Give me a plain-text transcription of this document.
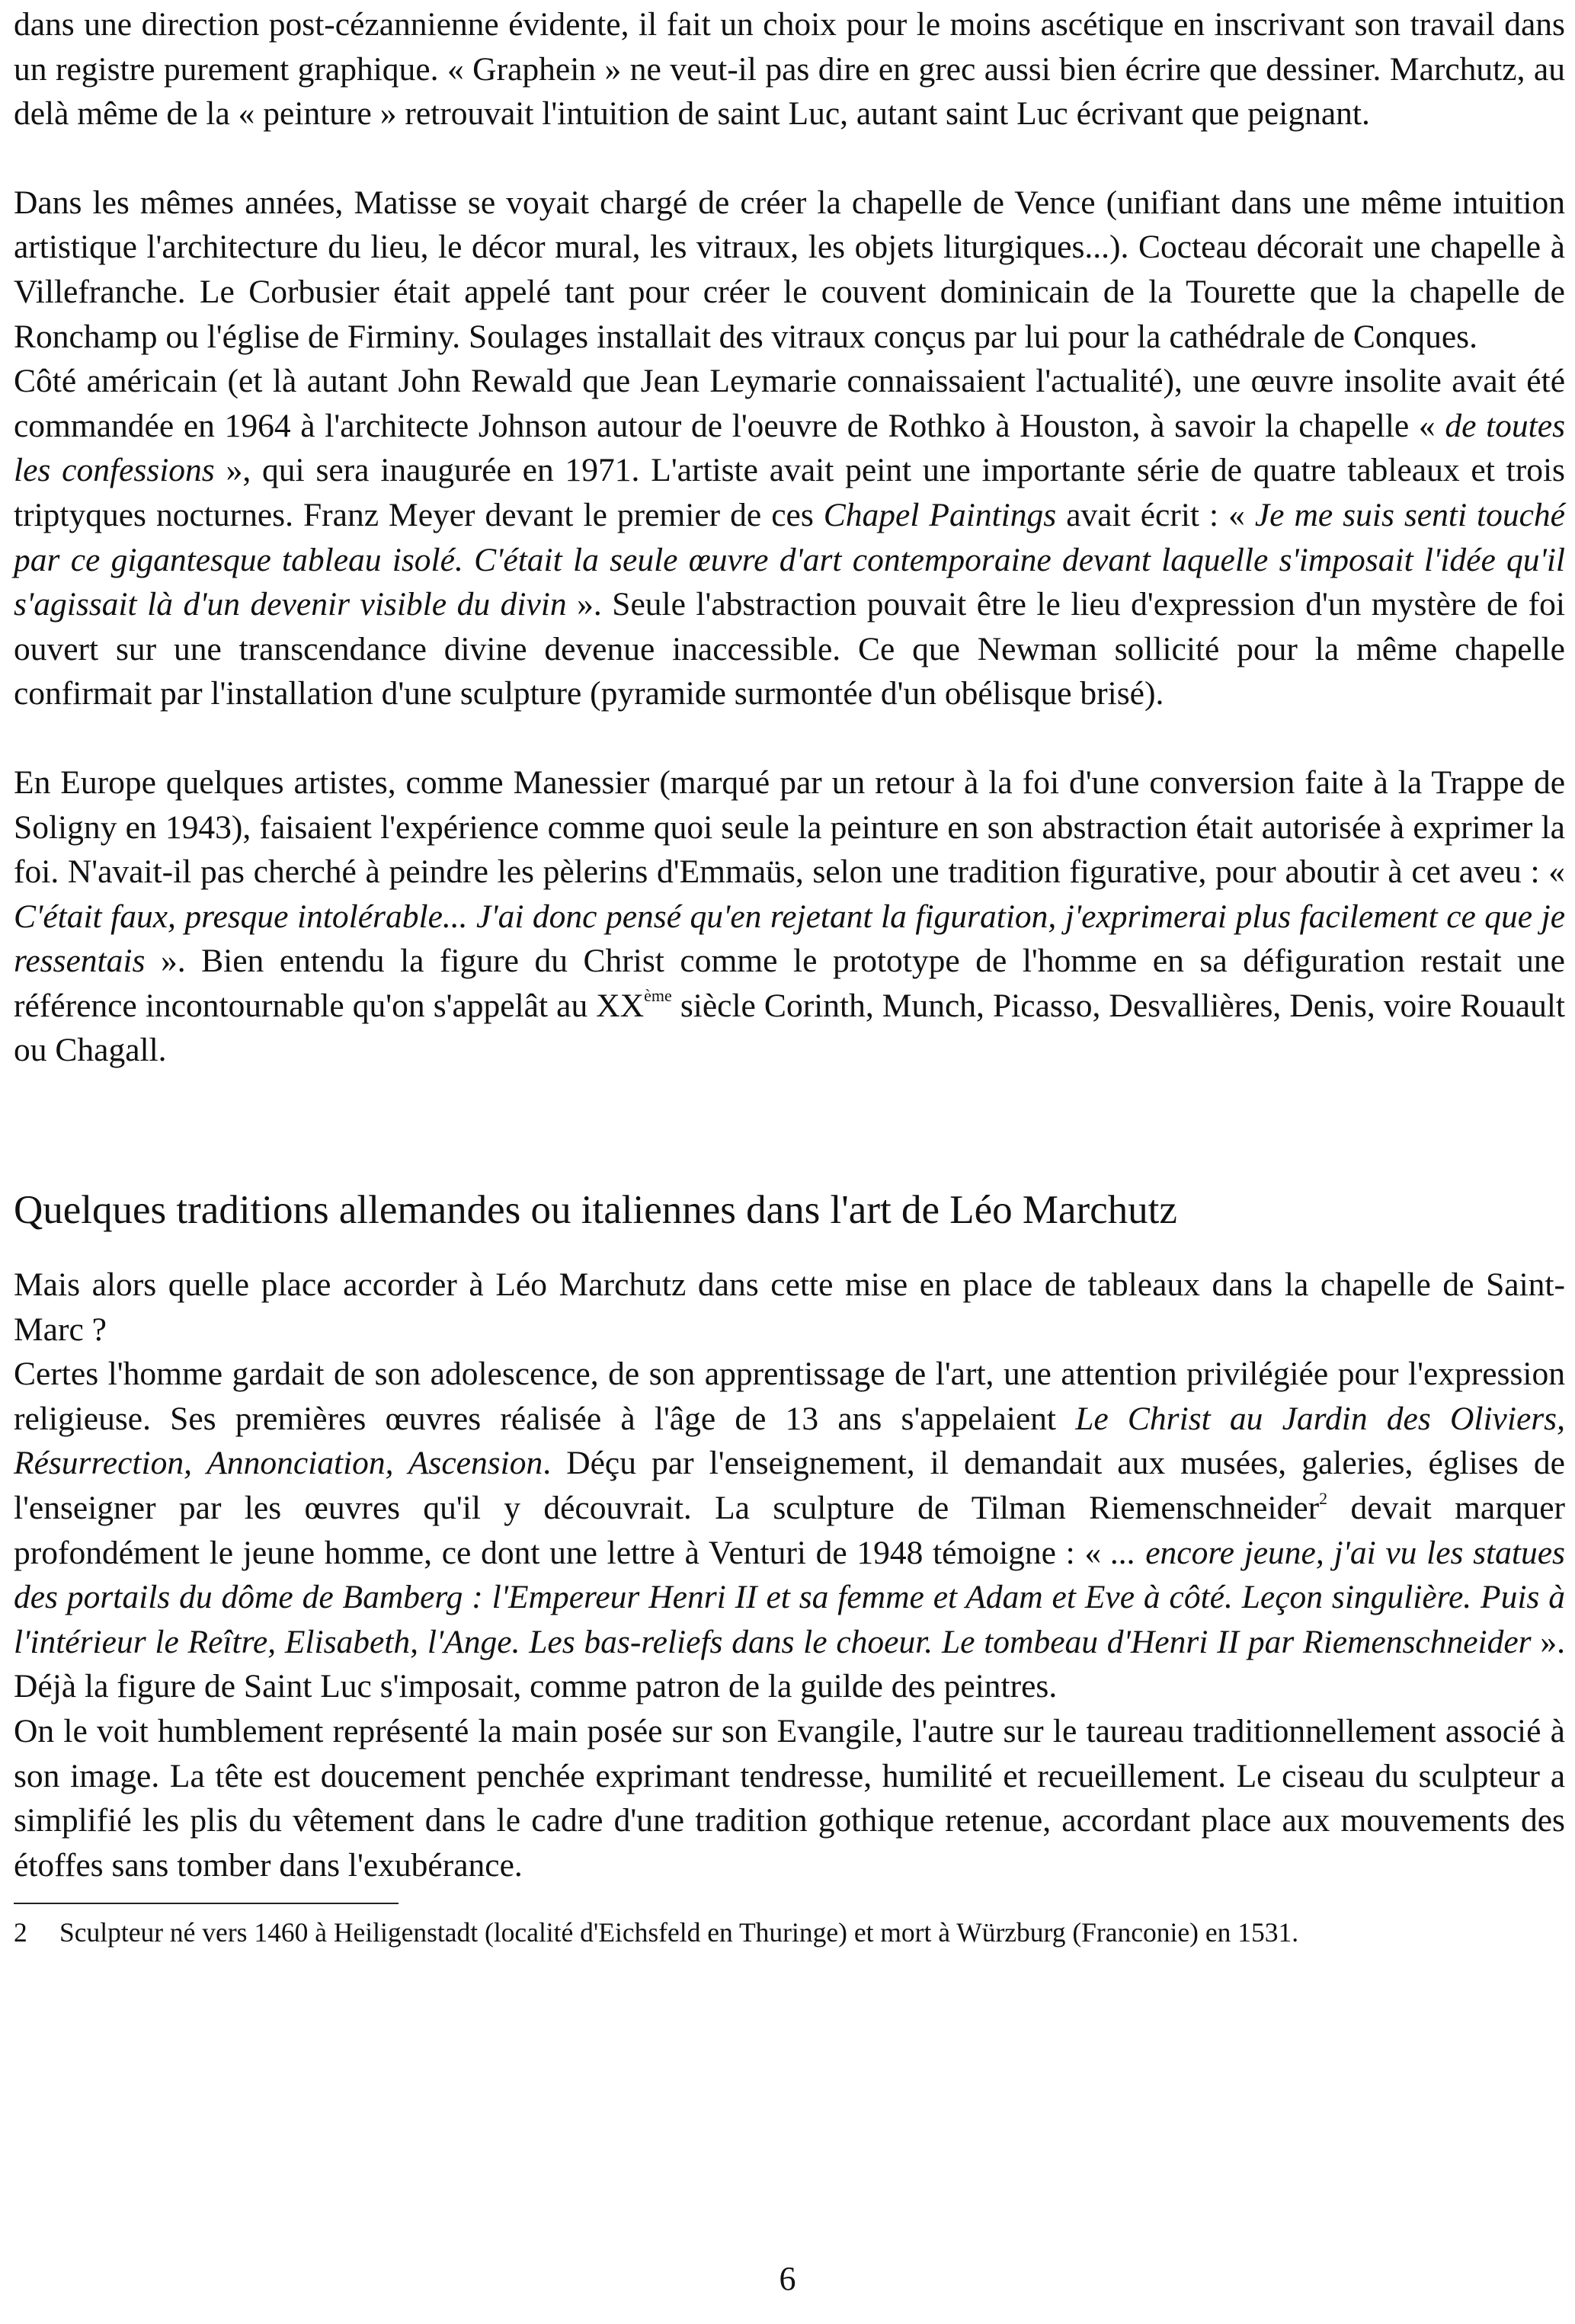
dans une direction post-cézannienne évidente, il fait un choix pour le moins ascétique en inscrivant son travail dans un registre purement graphique. « Graphein » ne veut-il pas dire en grec aussi bien écrire que dessiner. Marchutz, au delà même de la « peinture » retrouvait l'intuition de saint Luc, autant saint Luc écrivant que peignant.

Dans les mêmes années, Matisse se voyait chargé de créer la chapelle de Vence (unifiant dans une même intuition artistique l'architecture du lieu, le décor mural, les vitraux, les objets liturgiques...). Cocteau décorait une chapelle à Villefranche. Le Corbusier était appelé tant pour créer le couvent dominicain de la Tourette que la chapelle de Ronchamp ou l'église de Firminy. Soulages installait des vitraux conçus par lui pour la cathédrale de Conques.

Côté américain (et là autant John Rewald que Jean Leymarie connaissaient l'actualité), une œuvre insolite avait été commandée en 1964 à l'architecte Johnson autour de l'oeuvre de Rothko à Houston, à savoir la chapelle « de toutes les confessions », qui sera inaugurée en 1971. L'artiste avait peint une importante série de quatre tableaux et trois triptyques nocturnes. Franz Meyer devant le premier de ces Chapel Paintings avait écrit : « Je me suis senti touché par ce gigantesque tableau isolé. C'était la seule œuvre d'art contemporaine devant laquelle s'imposait l'idée qu'il s'agissait là d'un devenir visible du divin ». Seule l'abstraction pouvait être le lieu d'expression d'un mystère de foi ouvert sur une transcendance divine devenue inaccessible. Ce que Newman sollicité pour la même chapelle confirmait par l'installation d'une sculpture (pyramide surmontée d'un obélisque brisé).

En Europe quelques artistes, comme Manessier (marqué par un retour à la foi d'une conversion faite à la Trappe de Soligny en 1943), faisaient l'expérience comme quoi seule la peinture en son abstraction était autorisée à exprimer la foi. N'avait-il pas cherché à peindre les pèlerins d'Emmaüs, selon une tradition figurative, pour aboutir à cet aveu : « C'était faux, presque intolérable... J'ai donc pensé qu'en rejetant la figuration, j'exprimerai plus facilement ce que je ressentais ». Bien entendu la figure du Christ comme le prototype de l'homme en sa défiguration restait une référence incontournable qu'on s'appelât au XXème siècle Corinth, Munch, Picasso, Desvallières, Denis, voire Rouault ou Chagall.

Quelques traditions allemandes ou italiennes dans l'art de Léo Marchutz

Mais alors quelle place accorder à Léo Marchutz dans cette mise en place de tableaux dans la chapelle de Saint-Marc ?

Certes l'homme gardait de son adolescence, de son apprentissage de l'art, une attention privilégiée pour l'expression religieuse. Ses premières œuvres réalisée à l'âge de 13 ans s'appelaient Le Christ au Jardin des Oliviers, Résurrection, Annonciation, Ascension. Déçu par l'enseignement, il demandait aux musées, galeries, églises de l'enseigner par les œuvres qu'il y découvrait. La sculpture de Tilman Riemenschneider$^2$ devait marquer profondément le jeune homme, ce dont une lettre à Venturi de 1948 témoigne : « ... encore jeune, j'ai vu les statues des portails du dôme de Bamberg : l'Empereur Henri II et sa femme et Adam et Eve à côté. Leçon singulière. Puis à l'intérieur le Reître, Elisabeth, l'Ange. Les bas-reliefs dans le choeur. Le tombeau d'Henri II par Riemenschneider ». Déjà la figure de Saint Luc s'imposait, comme patron de la guilde des peintres.

On le voit humblement représenté la main posée sur son Evangile, l'autre sur le taureau traditionnellement associé à son image. La tête est doucement penchée exprimant tendresse, humilité et recueillement. Le ciseau du sculpteur a simplifié les plis du vêtement dans le cadre d'une tradition gothique retenue, accordant place aux mouvements des étoffes sans tomber dans l'exubérance.

2 Sculpteur né vers 1460 à Heiligenstadt (localité d'Eichsfeld en Thuringe) et mort à Würzburg (Franconie) en 1531.

6
